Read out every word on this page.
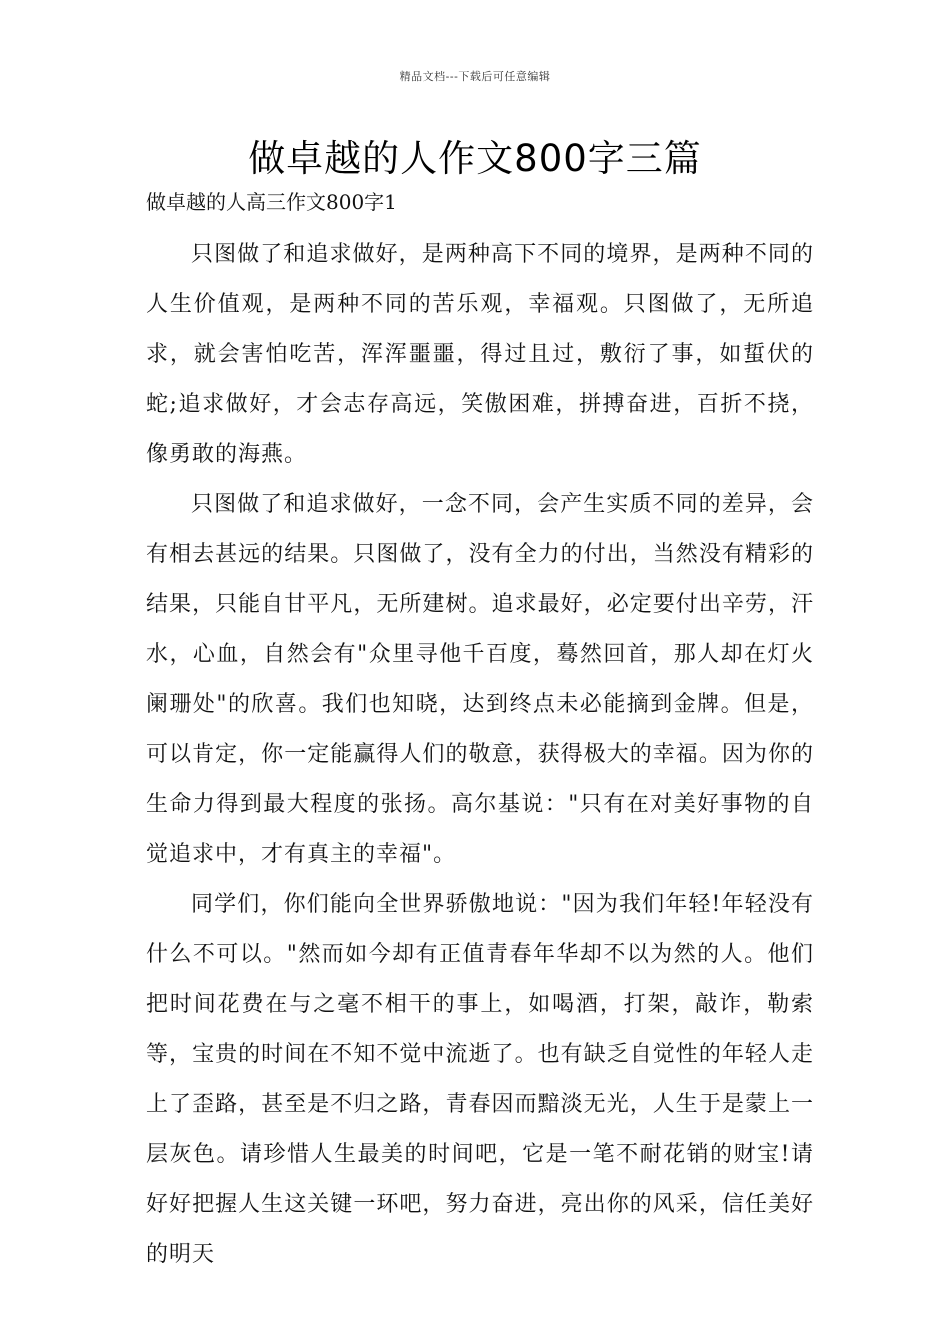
精品文档---下载后可任意编辑
做卓越的人作文800字三篇
做卓越的人高三作文800字1

只图做了和追求做好，是两种高下不同的境界，是两种不同的人生价值观，是两种不同的苦乐观，幸福观。只图做了，无所追求，就会害怕吃苦，浑浑噩噩，得过且过，敷衍了事，如蜇伏的蛇;追求做好，才会志存高远，笑傲困难，拼搏奋进，百折不挠，像勇敢的海燕。

只图做了和追求做好，一念不同，会产生实质不同的差异，会有相去甚远的结果。只图做了，没有全力的付出，当然没有精彩的结果，只能自甘平凡，无所建树。追求最好，必定要付出辛劳，汗水，心血，自然会有"众里寻他千百度，蓦然回首，那人却在灯火阑珊处"的欣喜。我们也知晓，达到终点未必能摘到金牌。但是，可以肯定，你一定能赢得人们的敬意，获得极大的幸福。因为你的生命力得到最大程度的张扬。高尔基说："只有在对美好事物的自觉追求中，才有真主的幸福"。

同学们，你们能向全世界骄傲地说："因为我们年轻!年轻没有什么不可以。"然而如今却有正值青春年华却不以为然的人。他们把时间花费在与之毫不相干的事上，如喝酒，打架，敲诈，勒索等，宝贵的时间在不知不觉中流逝了。也有缺乏自觉性的年轻人走上了歪路，甚至是不归之路，青春因而黯淡无光，人生于是蒙上一层灰色。请珍惜人生最美的时间吧，它是一笔不耐花销的财宝!请好好把握人生这关键一环吧，努力奋进，亮出你的风采，信任美好的明天
